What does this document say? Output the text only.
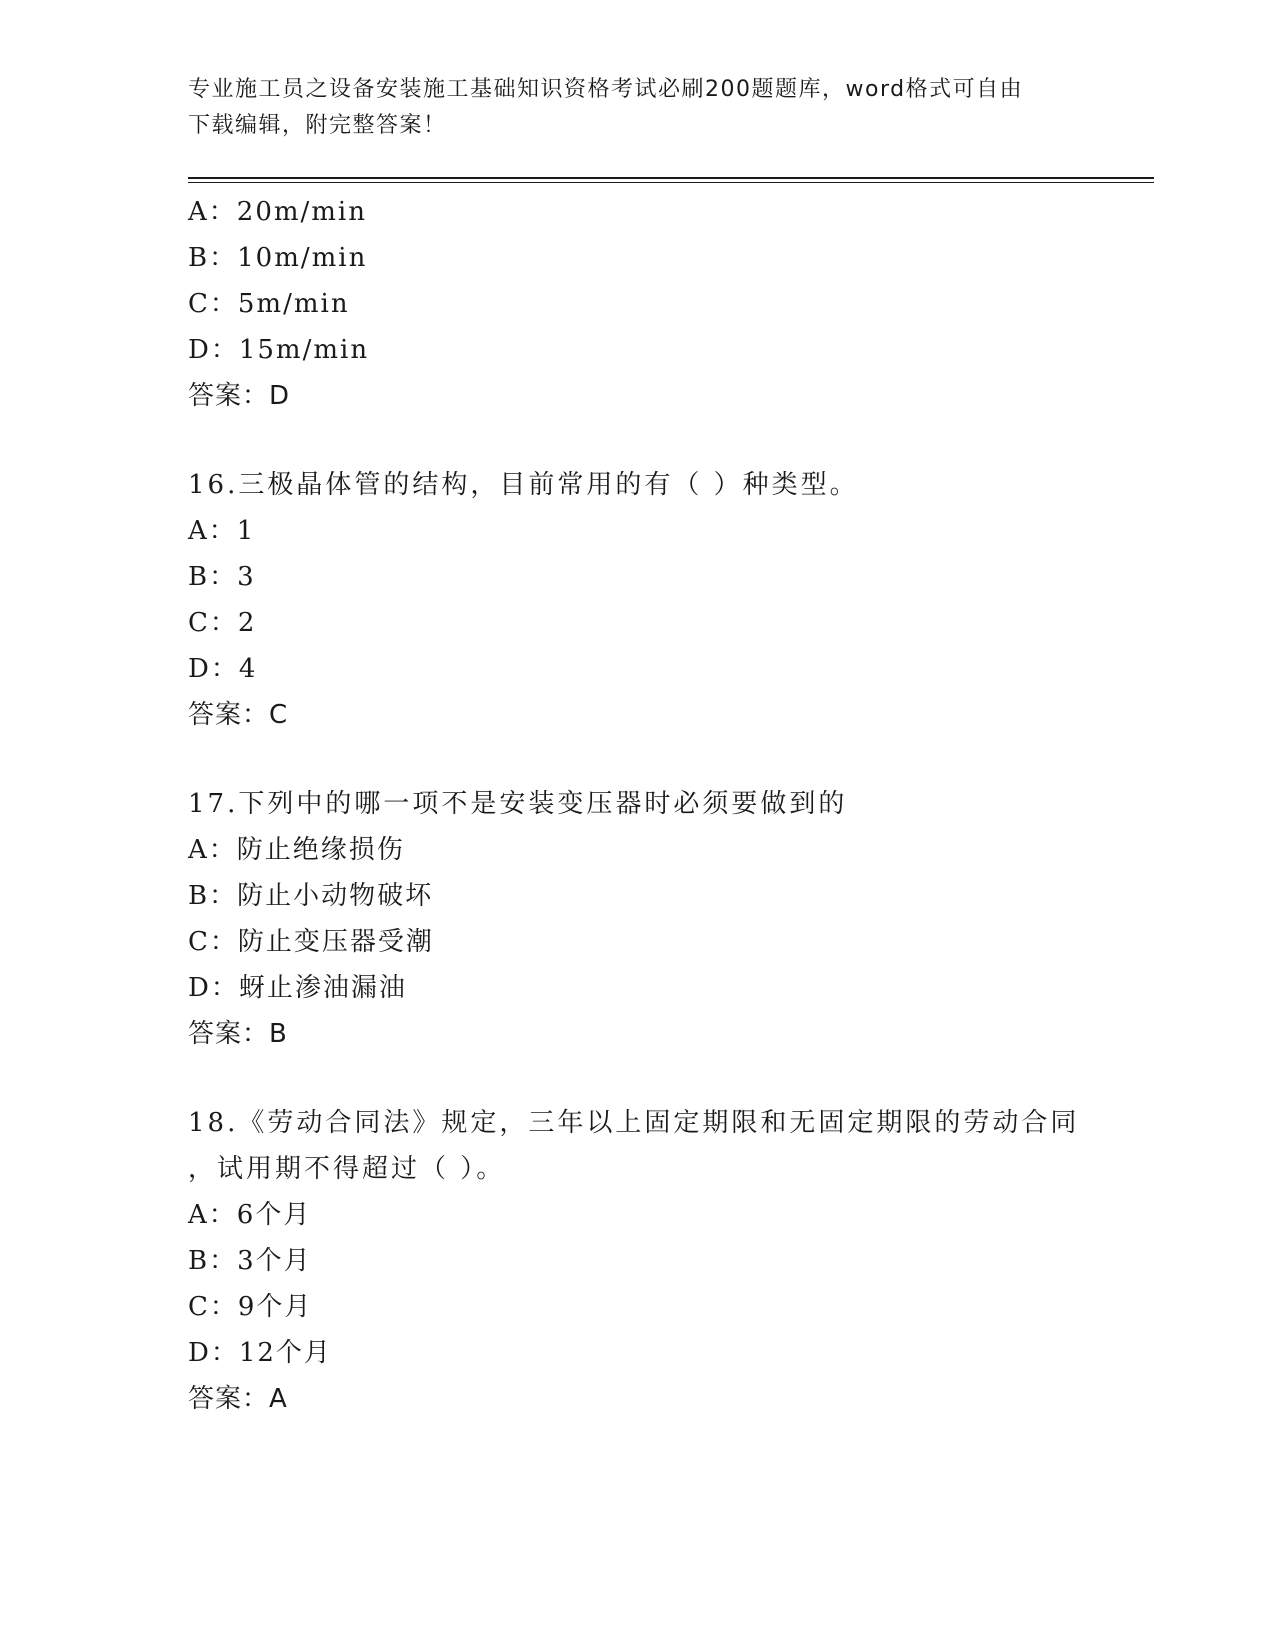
专业施工员之设备安装施工基础知识资格考试必刷200题题库，word格式可自由
下载编辑，附完整答案！
A：20m/min
B：10m/min
C：5m/min
D：15m/min
答案：D
16.三极晶体管的结构，目前常用的有（ ）种类型。
A：1
B：3
C：2
D：4
答案：C
17.下列中的哪一项不是安装变压器时必须要做到的
A：防止绝缘损伤
B：防止小动物破坏
C：防止变压器受潮
D：蚜止渗油漏油
答案：B
18.《劳动合同法》规定，三年以上固定期限和无固定期限的劳动合同
，试用期不得超过（ ）。
A：6个月
B：3个月
C：9个月
D：12个月
答案：A
